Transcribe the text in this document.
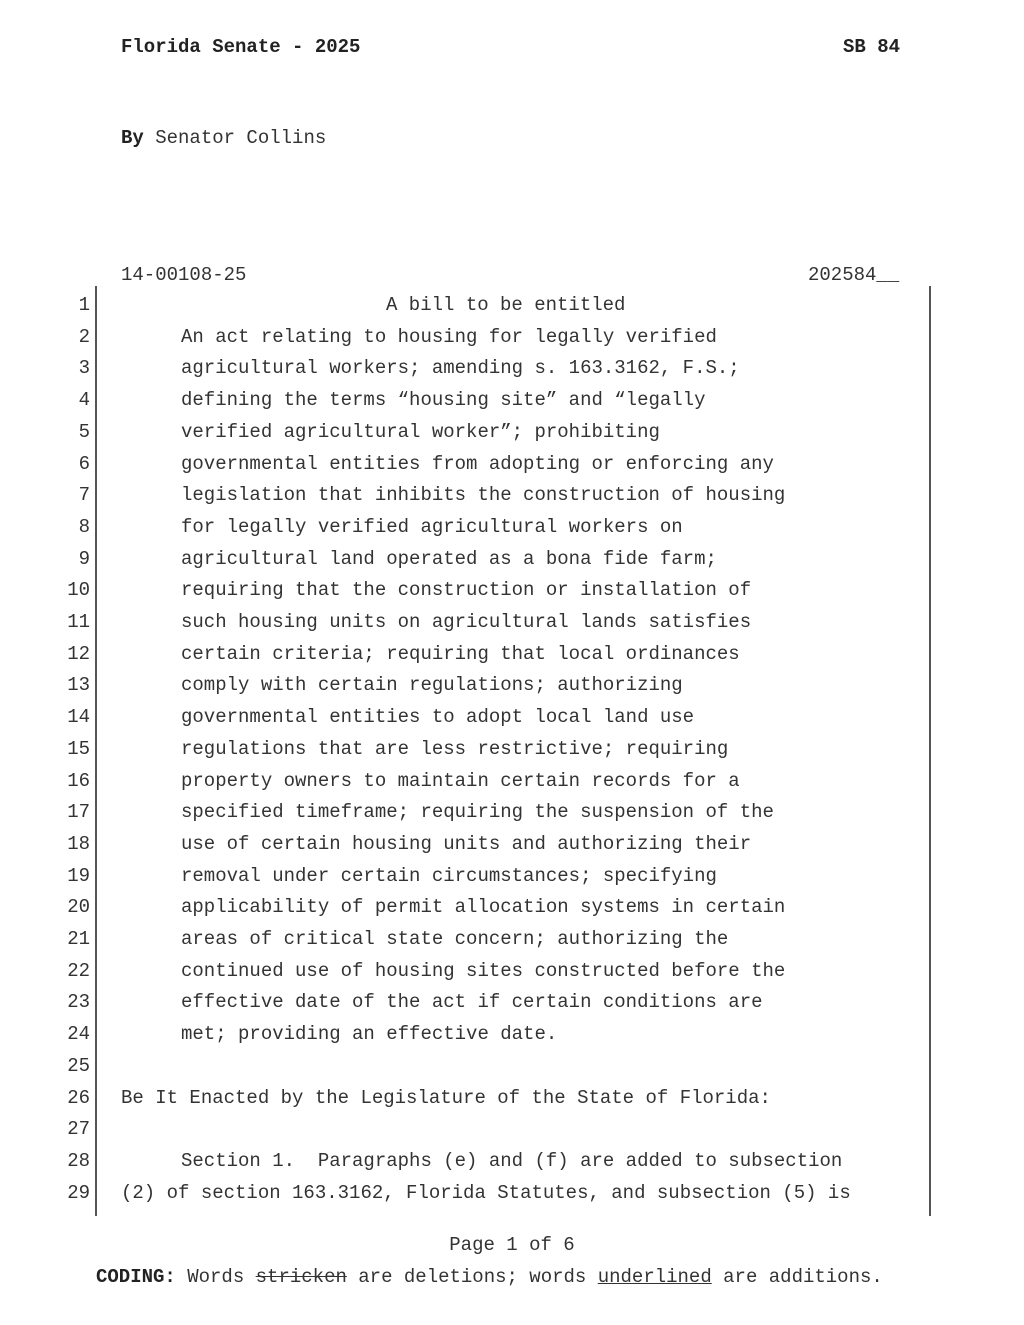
Florida Senate - 2025	SB 84
By Senator Collins
14-00108-25	202584__
1	A bill to be entitled
2	An act relating to housing for legally verified
3	agricultural workers; amending s. 163.3162, F.S.;
4	defining the terms “housing site” and “legally
5	verified agricultural worker”; prohibiting
6	governmental entities from adopting or enforcing any
7	legislation that inhibits the construction of housing
8	for legally verified agricultural workers on
9	agricultural land operated as a bona fide farm;
10	requiring that the construction or installation of
11	such housing units on agricultural lands satisfies
12	certain criteria; requiring that local ordinances
13	comply with certain regulations; authorizing
14	governmental entities to adopt local land use
15	regulations that are less restrictive; requiring
16	property owners to maintain certain records for a
17	specified timeframe; requiring the suspension of the
18	use of certain housing units and authorizing their
19	removal under certain circumstances; specifying
20	applicability of permit allocation systems in certain
21	areas of critical state concern; authorizing the
22	continued use of housing sites constructed before the
23	effective date of the act if certain conditions are
24	met; providing an effective date.
25
26 Be It Enacted by the Legislature of the State of Florida:
27
28	Section 1.  Paragraphs (e) and (f) are added to subsection
29 (2) of section 163.3162, Florida Statutes, and subsection (5) is
Page 1 of 6
CODING: Words stricken are deletions; words underlined are additions.
